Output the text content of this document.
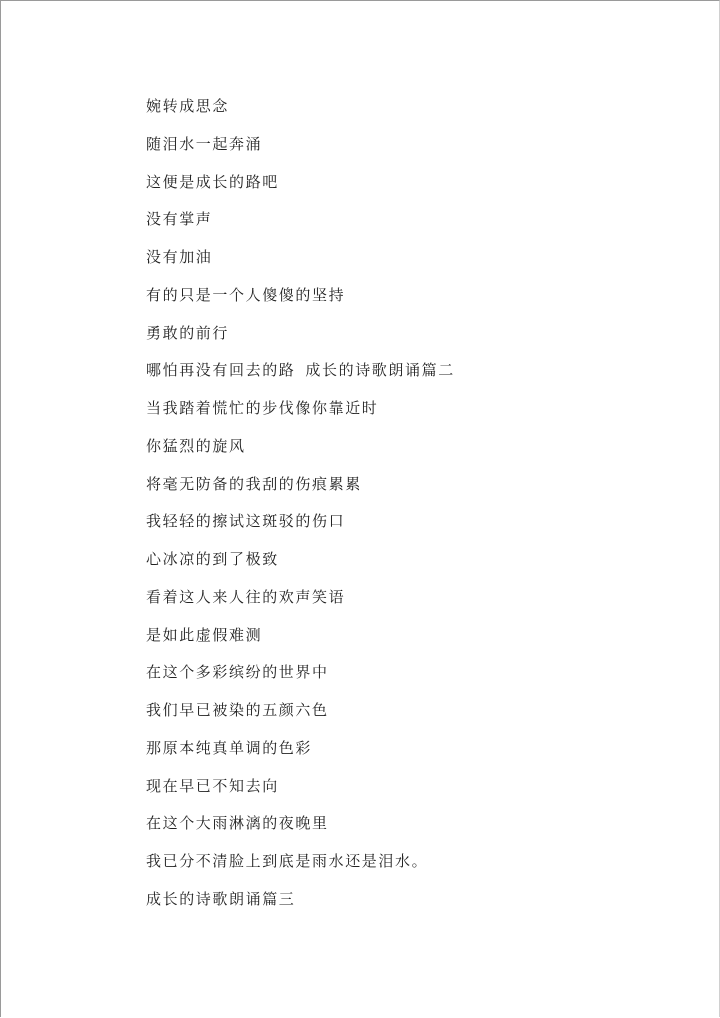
婉转成思念
随泪水一起奔涌
这便是成长的路吧
没有掌声
没有加油
有的只是一个人傻傻的坚持
勇敢的前行
哪怕再没有回去的路 成长的诗歌朗诵篇二
当我踏着慌忙的步伐像你靠近时
你猛烈的旋风
将毫无防备的我刮的伤痕累累
我轻轻的擦试这斑驳的伤口
心冰凉的到了极致
看着这人来人往的欢声笑语
是如此虚假难测
在这个多彩缤纷的世界中
我们早已被染的五颜六色
那原本纯真单调的色彩
现在早已不知去向
在这个大雨淋漓的夜晚里
我已分不清脸上到底是雨水还是泪水。
成长的诗歌朗诵篇三
